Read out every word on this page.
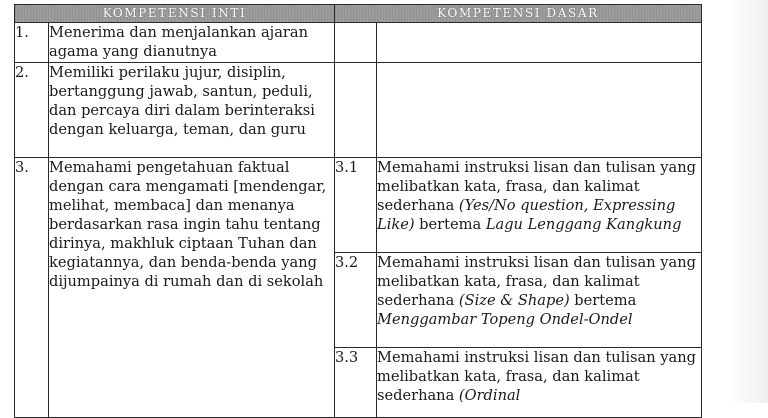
KOMPETENSI INTI		KOMPETENSI DASAR	
1.	Menerima dan menjalankan ajaran agama yang dianutnya		
2.	Memiliki perilaku jujur, disiplin, bertanggung jawab, santun, peduli, dan percaya diri dalam berinteraksi dengan keluarga, teman, dan guru		
3.	Memahami pengetahuan faktual dengan cara mengamati [mendengar, melihat, membaca] dan menanya berdasarkan rasa ingin tahu tentang dirinya, makhluk ciptaan Tuhan dan kegiatannya, dan benda-benda yang dijumpainya di rumah dan di sekolah	3.1	Memahami instruksi lisan dan tulisan yang melibatkan kata, frasa, dan kalimat sederhana (Yes/No question, Expressing Like) bertema Lagu Lenggang Kangkung
		3.2	Memahami instruksi lisan dan tulisan yang melibatkan kata, frasa, dan kalimat sederhana (Size & Shape) bertema Menggambar Topeng Ondel-Ondel
		3.3	Memahami instruksi lisan dan tulisan yang melibatkan kata, frasa, dan kalimat sederhana (Ordinal
